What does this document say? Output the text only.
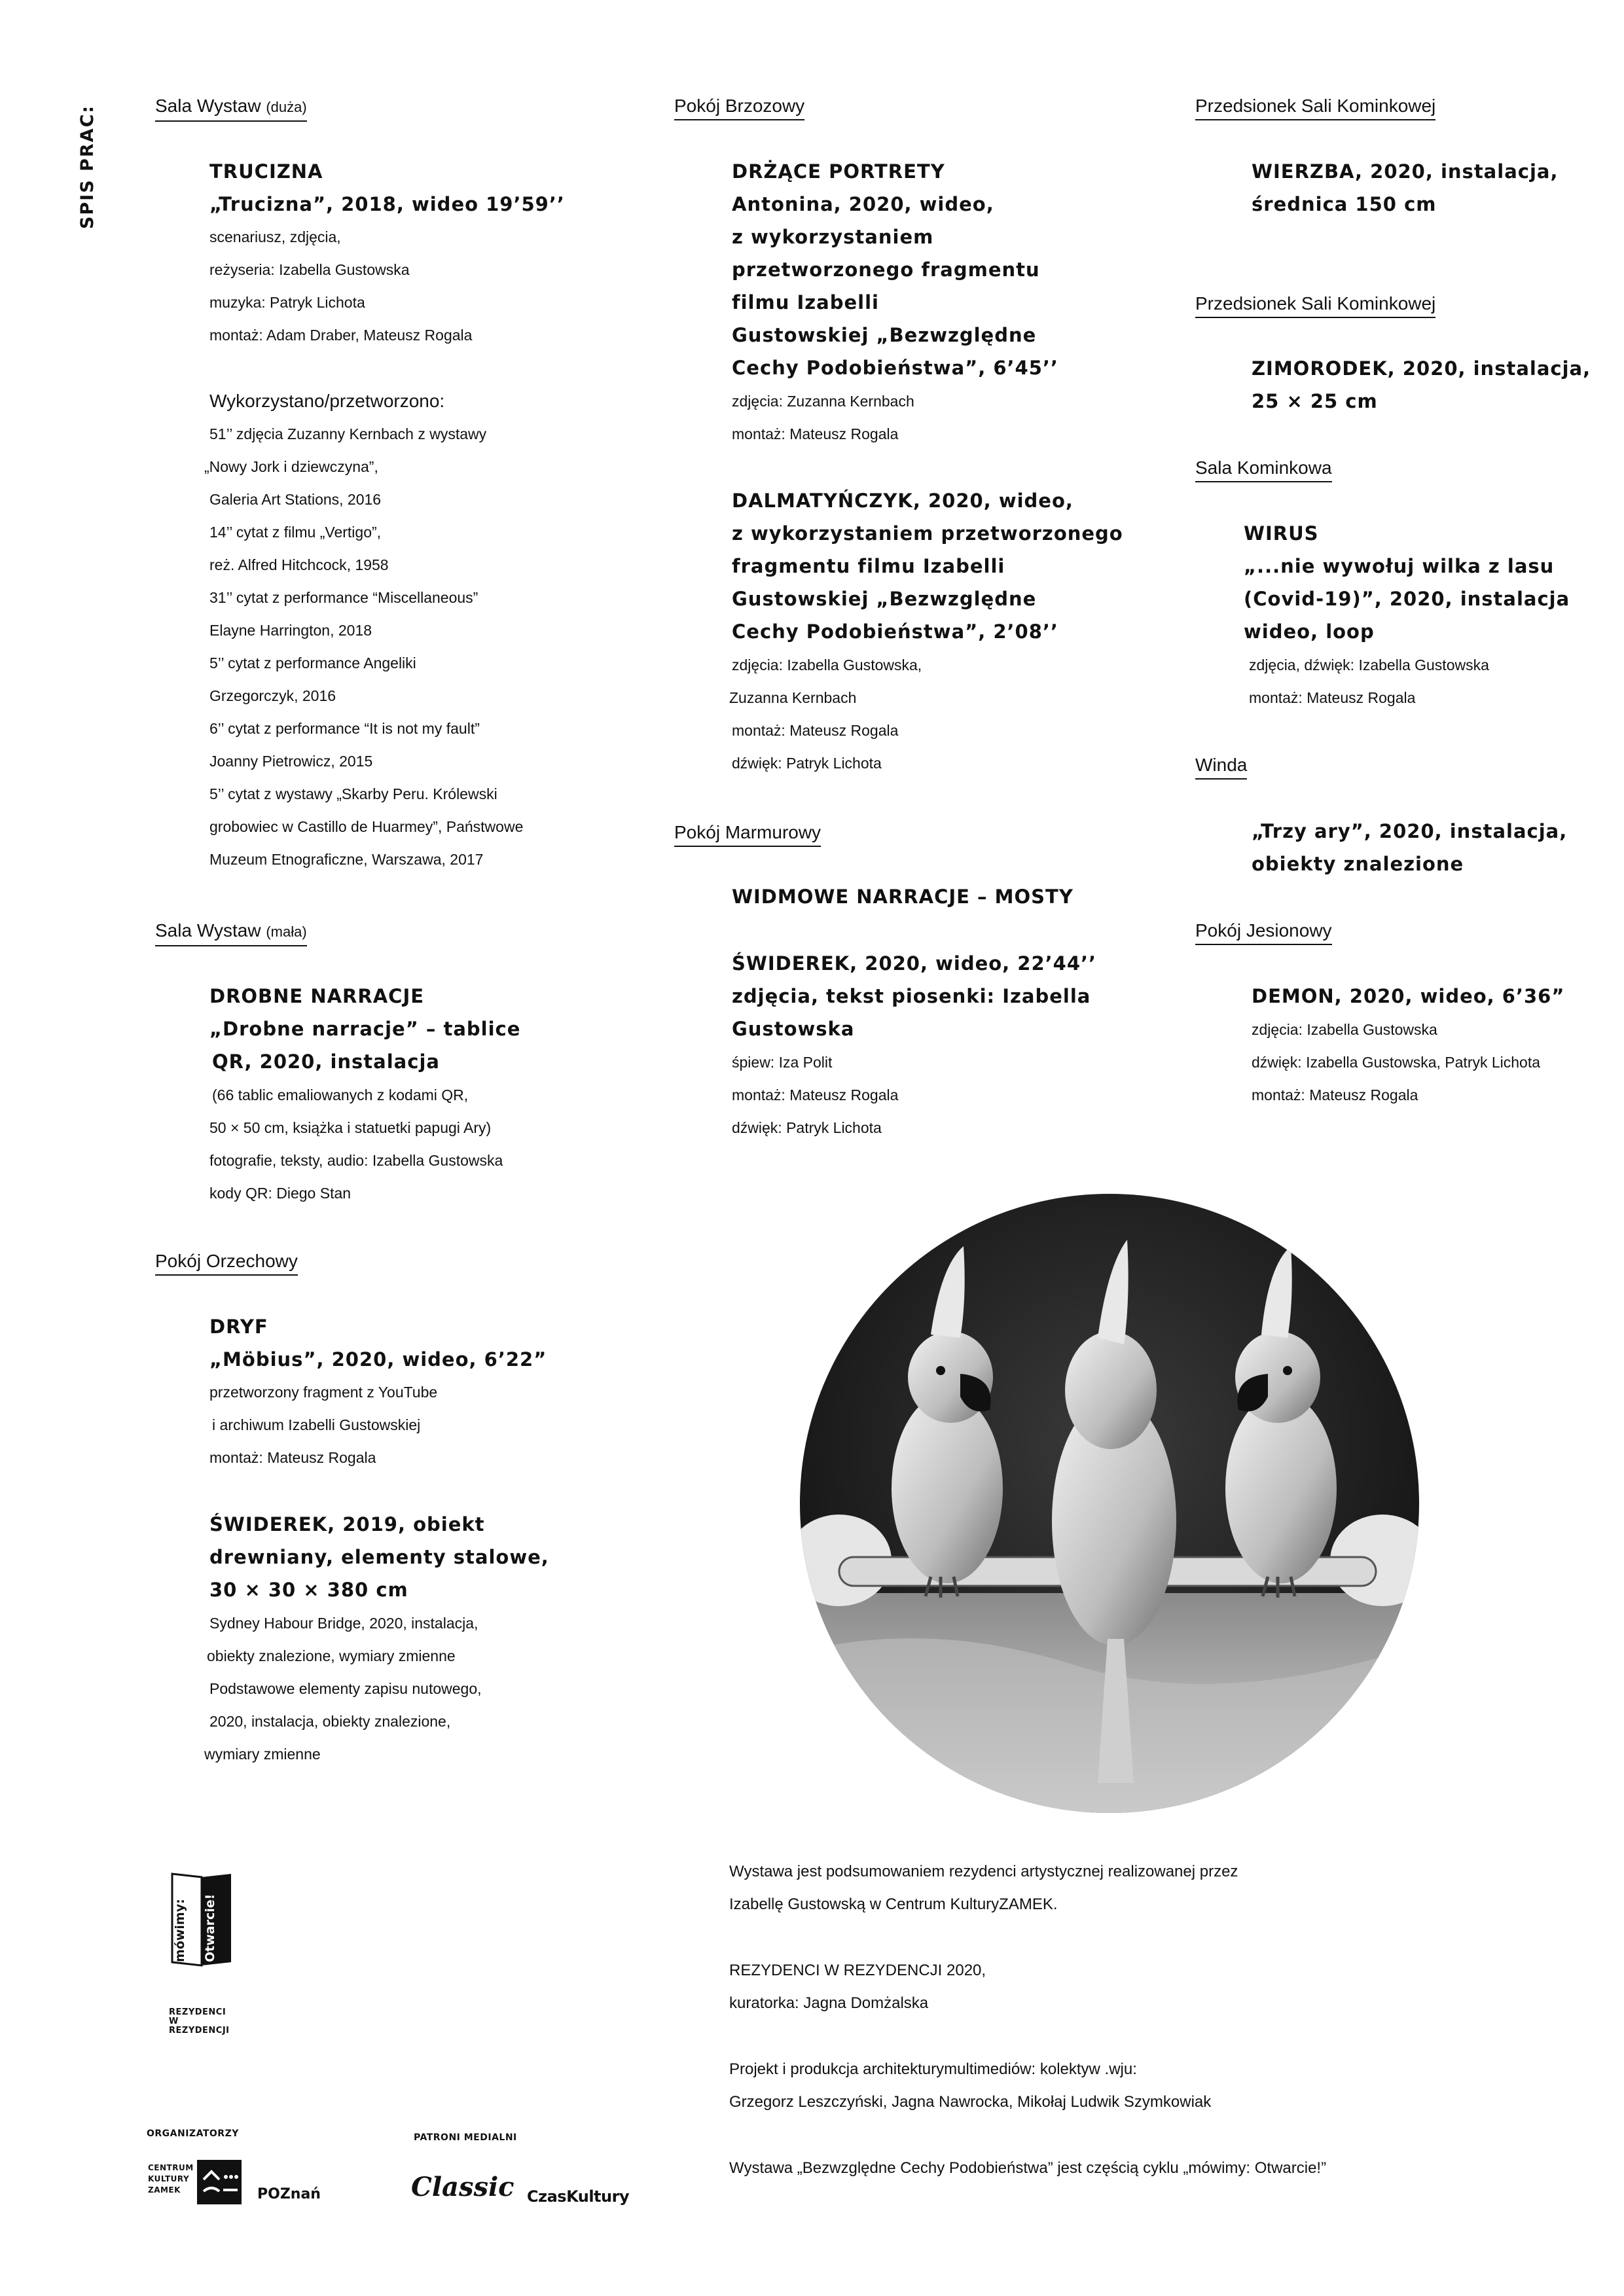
SPIS PRAC:	Sala Wystaw (duża)
TRUCIZNA
„Trucizna”, 2018, wideo 19’59’’
scenariusz, zdjęcia,
reżyseria: Izabella Gustowska
muzyka: Patryk Lichota
montaż: Adam Draber, Mateusz Rogala
Wykorzystano/przetworzono:
51’’ zdjęcia Zuzanny Kernbach z wystawy
„Nowy Jork i dziewczyna”,
Galeria Art Stations, 2016
14’’ cytat z filmu „Vertigo”,
reż. Alfred Hitchcock, 1958
31’’ cytat z performance “Miscellaneous”
Elayne Harrington, 2018
5’’ cytat z performance Angeliki
Grzegorczyk, 2016
6’’ cytat z performance “It is not my fault”
Joanny Pietrowicz, 2015
5’’ cytat z wystawy „Skarby Peru. Królewski
grobowiec w Castillo de Huarmey”, Państwowe
Muzeum Etnograficzne, Warszawa, 2017
Sala Wystaw (mała)
DROBNE NARRACJE
„Drobne narracje” – tablice
QR, 2020, instalacja
(66 tablic emaliowanych z kodami QR,
50 × 50 cm, książka i statuetki papugi Ary)
fotografie, teksty, audio: Izabella Gustowska
kody QR: Diego Stan
Pokój Orzechowy
DRYF
„Möbius”, 2020, wideo, 6’22”
przetworzony fragment z YouTube
i archiwum Izabelli Gustowskiej
montaż: Mateusz Rogala
ŚWIDEREK, 2019, obiekt
drewniany, elementy stalowe,
30 × 30 × 380 cm
Sydney Habour Bridge, 2020, instalacja,
obiekty znalezione, wymiary zmienne
Podstawowe elementy zapisu nutowego,
2020, instalacja, obiekty znalezione,
wymiary zmienne
Pokój Brzozowy
DRŻĄCE PORTRETY
Antonina, 2020, wideo,
z wykorzystaniem
przetworzonego fragmentu
filmu Izabelli
Gustowskiej „Bezwzględne
Cechy Podobieństwa”, 6’45’’
zdjęcia: Zuzanna Kernbach
montaż: Mateusz Rogala
DALMATYŃCZYK, 2020, wideo,
z wykorzystaniem przetworzonego
fragmentu filmu Izabelli
Gustowskiej „Bezwzględne
Cechy Podobieństwa”, 2’08’’
zdjęcia: Izabella Gustowska,
Zuzanna Kernbach
montaż: Mateusz Rogala
dźwięk: Patryk Lichota
Pokój Marmurowy
WIDMOWE NARRACJE – MOSTY
ŚWIDEREK, 2020, wideo, 22’44’’
zdjęcia, tekst piosenki: Izabella
Gustowska
śpiew: Iza Polit
montaż: Mateusz Rogala
dźwięk: Patryk Lichota
Przedsionek Sali Kominkowej
WIERZBA, 2020, instalacja,
średnica 150 cm
Przedsionek Sali Kominkowej
ZIMORODEK, 2020, instalacja,
25 × 25 cm
Sala Kominkowa
WIRUS
„...nie wywołuj wilka z lasu
(Covid-19)”, 2020, instalacja
wideo, loop
zdjęcia, dźwięk: Izabella Gustowska
montaż: Mateusz Rogala
Winda
„Trzy ary”, 2020, instalacja,
obiekty znalezione
Pokój Jesionowy
DEMON, 2020, wideo, 6’36”
zdjęcia: Izabella Gustowska
dźwięk: Izabella Gustowska, Patryk Lichota
montaż: Mateusz Rogala
Wystawa jest podsumowaniem rezydenci artystycznej realizowanej przez
Izabellę Gustowską w Centrum KulturyZAMEK.
REZYDENCI W REZYDENCJI 2020,
kuratorka: Jagna Domżalska
Projekt i produkcja architekturymultimediów: kolektyw .wju:
Grzegorz Leszczyński, Jagna Nawrocka, Mikołaj Ludwik Szymkowiak
Wystawa „Bezwzględne Cechy Podobieństwa” jest częścią cyklu „mówimy: Otwarcie!”
mówimy: Otwarcie!
REZYDENCI
W
REZYDENCJI
ORGANIZATORZY	PATRONI MEDIALNI
CENTRUM
KULTURY
ZAMEK	POZnań	Classic CzasKultury
